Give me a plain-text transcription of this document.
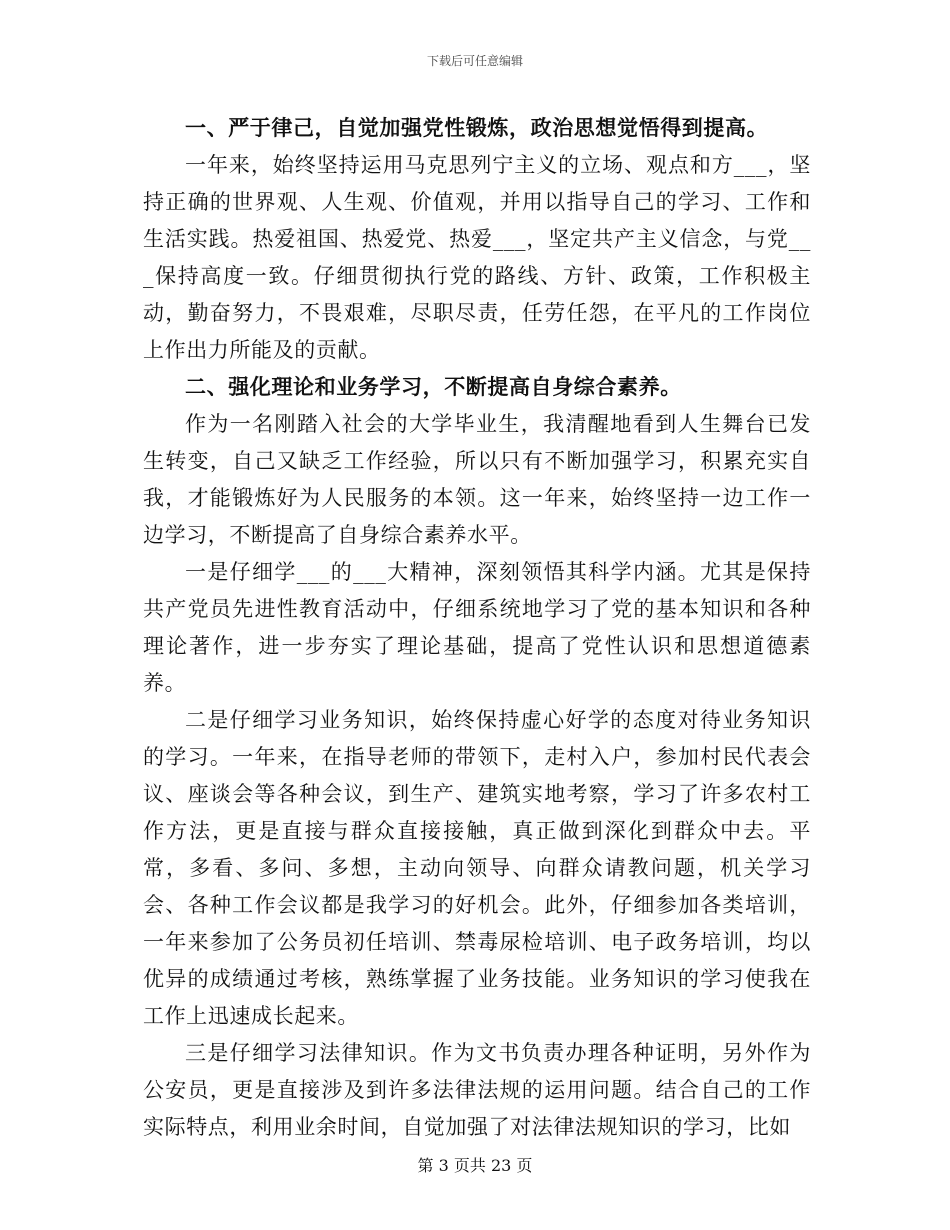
下载后可任意编辑

一、严于律己，自觉加强党性锻炼，政治思想觉悟得到提高。

一年来，始终坚持运用马克思列宁主义的立场、观点和方___，坚持正确的世界观、人生观、价值观，并用以指导自己的学习、工作和生活实践。热爱祖国、热爱党、热爱___，坚定共产主义信念，与党___保持高度一致。仔细贯彻执行党的路线、方针、政策，工作积极主动，勤奋努力，不畏艰难，尽职尽责，任劳任怨，在平凡的工作岗位上作出力所能及的贡献。

二、强化理论和业务学习，不断提高自身综合素养。

作为一名刚踏入社会的大学毕业生，我清醒地看到人生舞台已发生转变，自己又缺乏工作经验，所以只有不断加强学习，积累充实自我，才能锻炼好为人民服务的本领。这一年来，始终坚持一边工作一边学习，不断提高了自身综合素养水平。

一是仔细学___的___大精神，深刻领悟其科学内涵。尤其是保持共产党员先进性教育活动中，仔细系统地学习了党的基本知识和各种理论著作，进一步夯实了理论基础，提高了党性认识和思想道德素养。

二是仔细学习业务知识，始终保持虚心好学的态度对待业务知识的学习。一年来，在指导老师的带领下，走村入户，参加村民代表会议、座谈会等各种会议，到生产、建筑实地考察，学习了许多农村工作方法，更是直接与群众直接接触，真正做到深化到群众中去。平常，多看、多问、多想，主动向领导、向群众请教问题，机关学习会、各种工作会议都是我学习的好机会。此外，仔细参加各类培训，一年来参加了公务员初任培训、禁毒尿检培训、电子政务培训，均以优异的成绩通过考核，熟练掌握了业务技能。业务知识的学习使我在工作上迅速成长起来。

三是仔细学习法律知识。作为文书负责办理各种证明，另外作为公安员，更是直接涉及到许多法律法规的运用问题。结合自己的工作实际特点，利用业余时间，自觉加强了对法律法规知识的学习，比如

第 3 页共 23 页
